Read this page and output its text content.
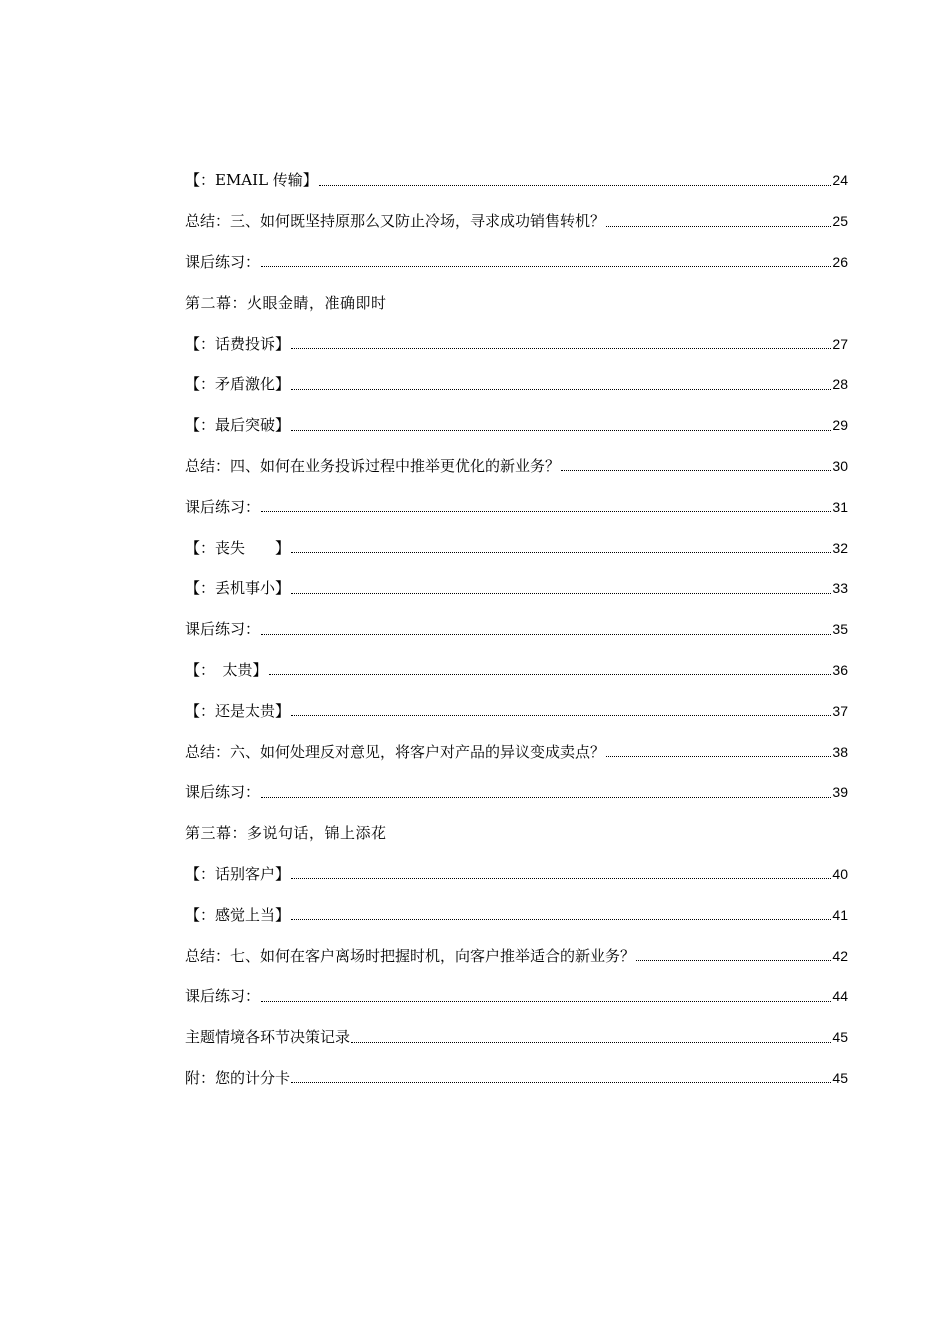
【：EMAIL 传输】	24
总结：三、如何既坚持原那么又防止冷场，寻求成功销售转机？	25
课后练习：	26
第二幕：火眼金睛，准确即时
【：话费投诉】	27
【：矛盾激化】	28
【：最后突破】	29
总结：四、如何在业务投诉过程中推举更优化的新业务？	30
课后练习：	31
【：丧失　　】	32
【：丢机事小】	33
课后练习：	35
【：　太贵】	36
【：还是太贵】	37
总结：六、如何处理反对意见，将客户对产品的异议变成卖点？	38
课后练习：	39
第三幕：多说句话，锦上添花
【：话别客户】	40
【：感觉上当】	41
总结：七、如何在客户离场时把握时机，向客户推举适合的新业务？	42
课后练习：	44
主题情境各环节决策记录	45
附：您的计分卡	45
